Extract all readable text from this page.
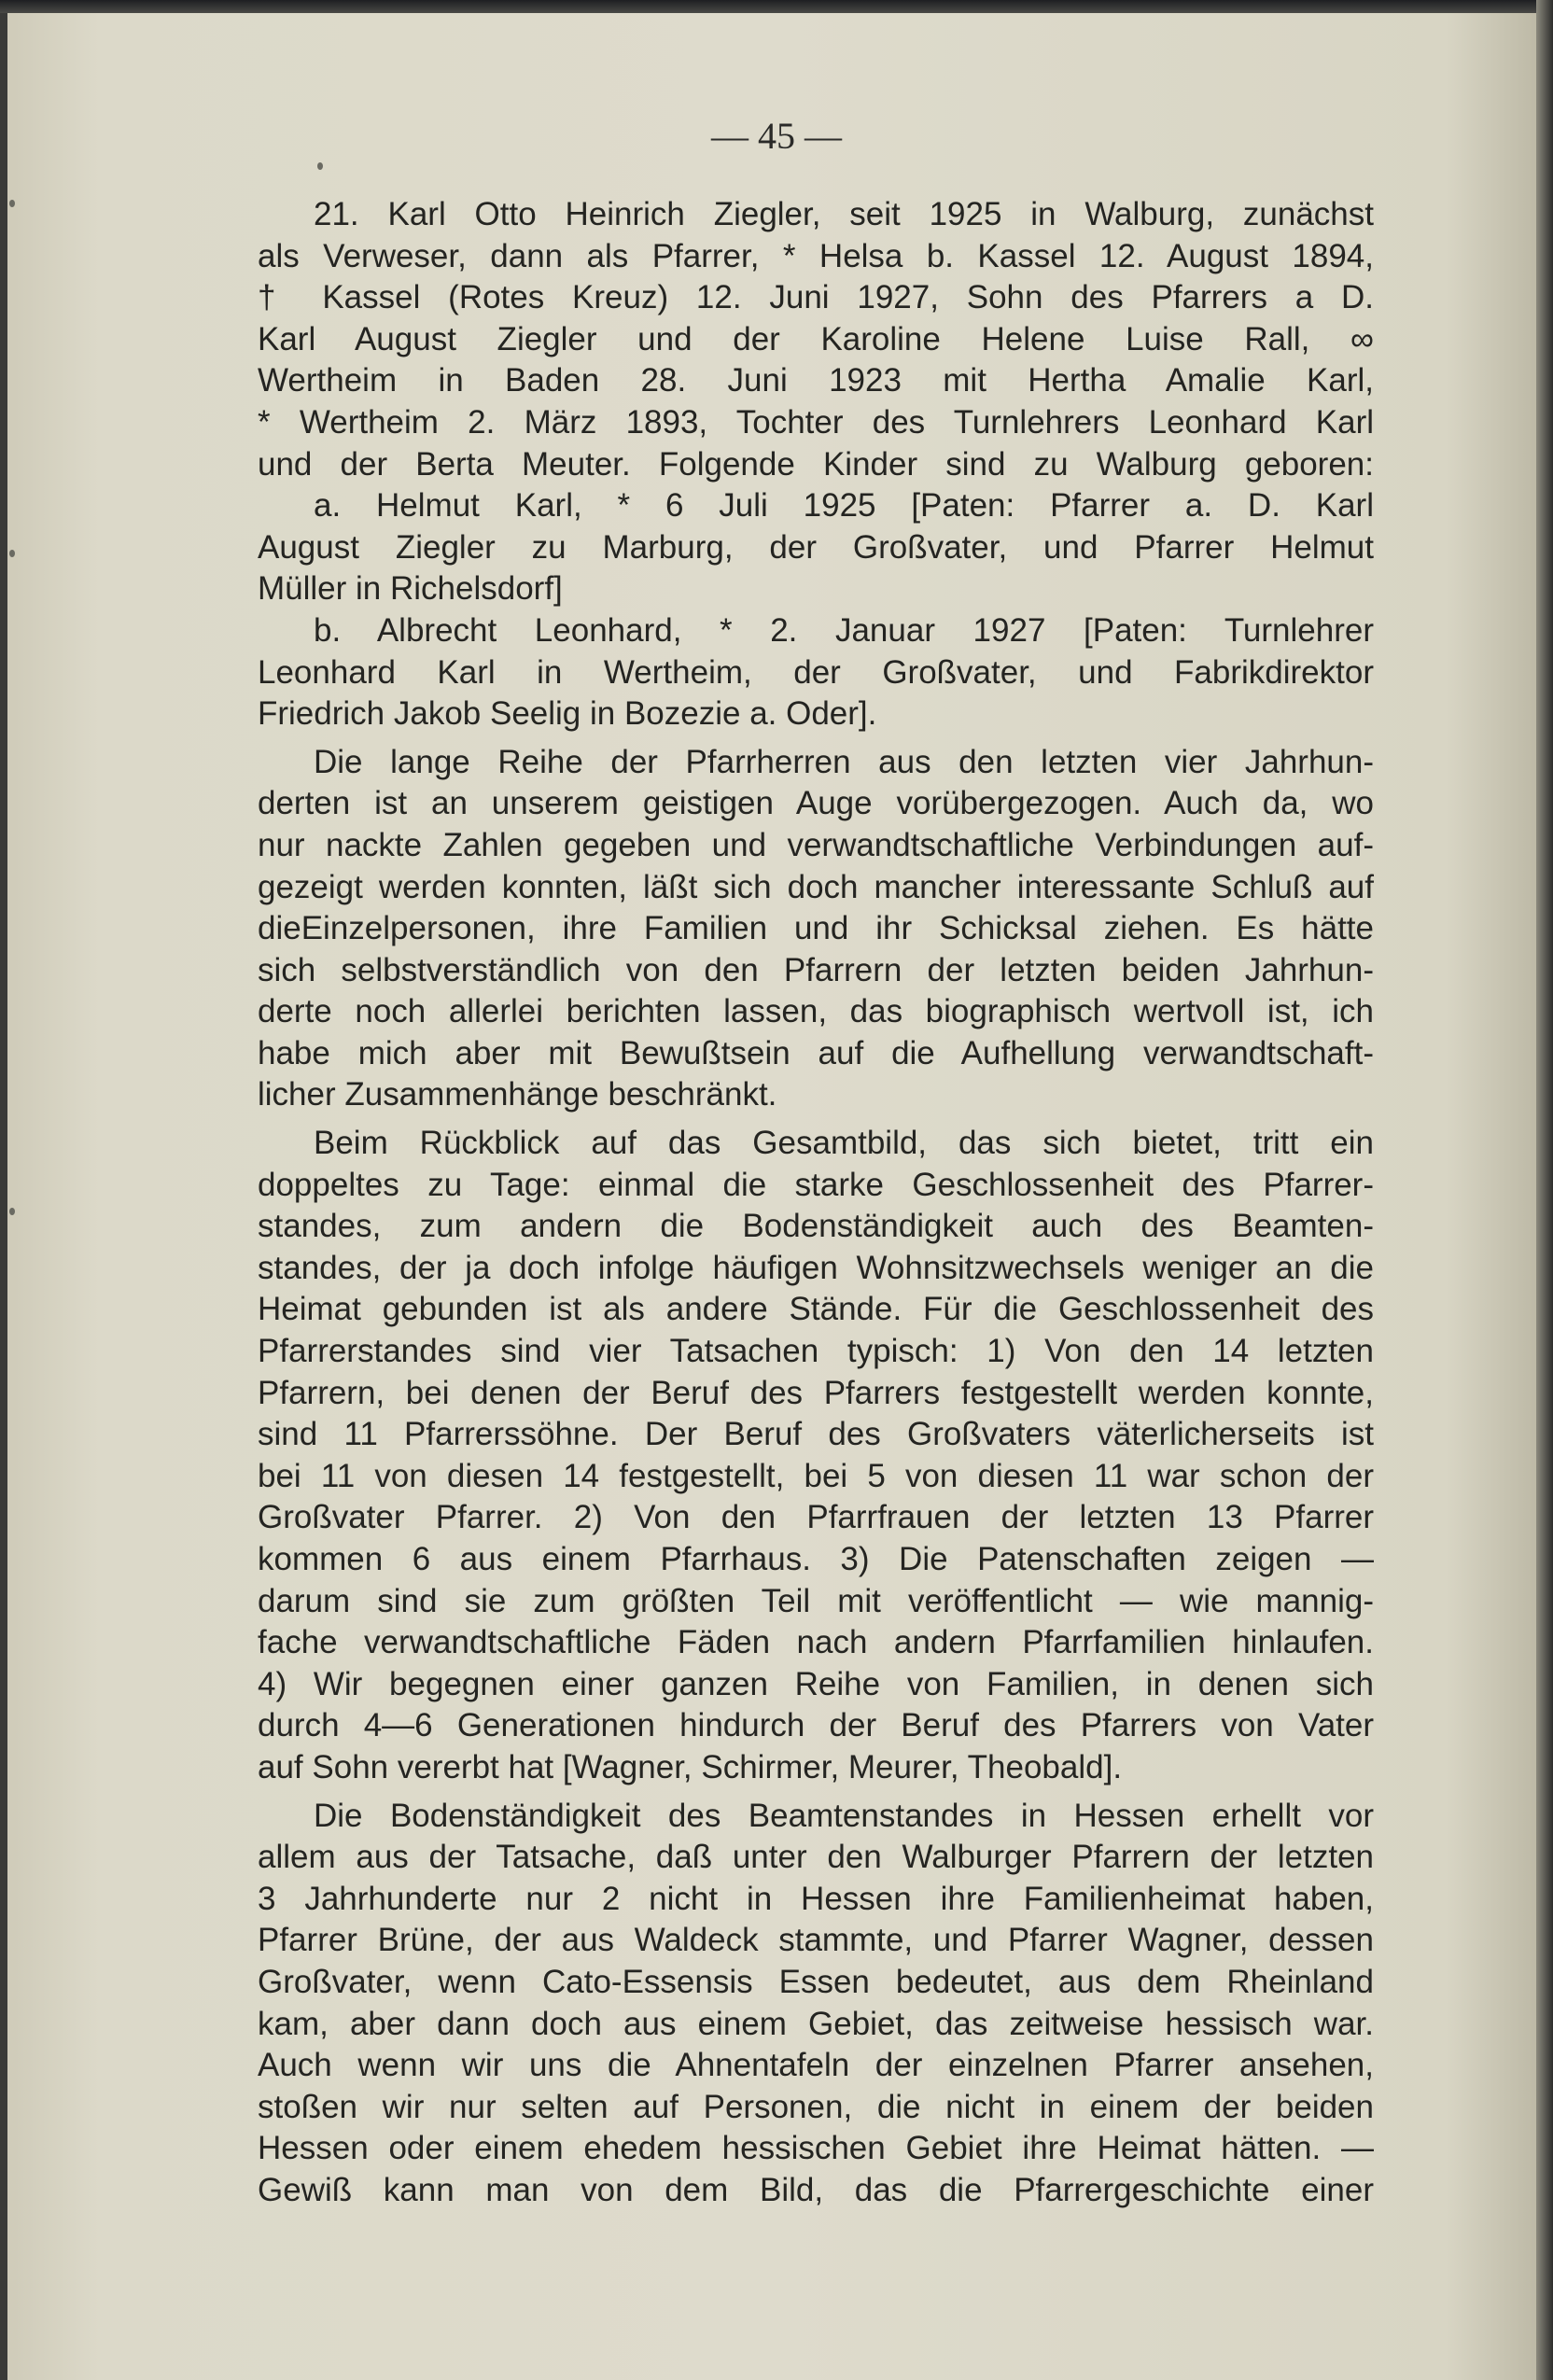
— 45 —
21. Karl Otto Heinrich Ziegler, seit 1925 in Walburg, zunächst
als Verweser, dann als Pfarrer, * Helsa b. Kassel 12. August 1894,
† Kassel (Rotes Kreuz) 12. Juni 1927, Sohn des Pfarrers a D.
Karl August Ziegler und der Karoline Helene Luise Rall, ∞
Wertheim in Baden 28. Juni 1923 mit Hertha Amalie Karl,
* Wertheim 2. März 1893, Tochter des Turnlehrers Leonhard Karl
und der Berta Meuter. Folgende Kinder sind zu Walburg geboren:
a. Helmut Karl, * 6 Juli 1925 [Paten: Pfarrer a. D. Karl
August Ziegler zu Marburg, der Großvater, und Pfarrer Helmut
Müller in Richelsdorf]
b. Albrecht Leonhard, * 2. Januar 1927 [Paten: Turnlehrer
Leonhard Karl in Wertheim, der Großvater, und Fabrikdirektor
Friedrich Jakob Seelig in Bozezie a. Oder].
Die lange Reihe der Pfarrherren aus den letzten vier Jahrhun-
derten ist an unserem geistigen Auge vorübergezogen. Auch da, wo
nur nackte Zahlen gegeben und verwandtschaftliche Verbindungen auf-
gezeigt werden konnten, läßt sich doch mancher interessante Schluß auf
dieEinzelpersonen, ihre Familien und ihr Schicksal ziehen. Es hätte
sich selbstverständlich von den Pfarrern der letzten beiden Jahrhun-
derte noch allerlei berichten lassen, das biographisch wertvoll ist, ich
habe mich aber mit Bewußtsein auf die Aufhellung verwandtschaft-
licher Zusammenhänge beschränkt.
Beim Rückblick auf das Gesamtbild, das sich bietet, tritt ein
doppeltes zu Tage: einmal die starke Geschlossenheit des Pfarrer-
standes, zum andern die Bodenständigkeit auch des Beamten-
standes, der ja doch infolge häufigen Wohnsitzwechsels weniger an die
Heimat gebunden ist als andere Stände. Für die Geschlossenheit des
Pfarrerstandes sind vier Tatsachen typisch: 1) Von den 14 letzten
Pfarrern, bei denen der Beruf des Pfarrers festgestellt werden konnte,
sind 11 Pfarrerssöhne. Der Beruf des Großvaters väterlicherseits ist
bei 11 von diesen 14 festgestellt, bei 5 von diesen 11 war schon der
Großvater Pfarrer. 2) Von den Pfarrfrauen der letzten 13 Pfarrer
kommen 6 aus einem Pfarrhaus. 3) Die Patenschaften zeigen —
darum sind sie zum größten Teil mit veröffentlicht — wie mannig-
fache verwandtschaftliche Fäden nach andern Pfarrfamilien hinlaufen.
4) Wir begegnen einer ganzen Reihe von Familien, in denen sich
durch 4—6 Generationen hindurch der Beruf des Pfarrers von Vater
auf Sohn vererbt hat [Wagner, Schirmer, Meurer, Theobald].
Die Bodenständigkeit des Beamtenstandes in Hessen erhellt vor
allem aus der Tatsache, daß unter den Walburger Pfarrern der letzten
3 Jahrhunderte nur 2 nicht in Hessen ihre Familienheimat haben,
Pfarrer Brüne, der aus Waldeck stammte, und Pfarrer Wagner, dessen
Großvater, wenn Cato-Essensis Essen bedeutet, aus dem Rheinland
kam, aber dann doch aus einem Gebiet, das zeitweise hessisch war.
Auch wenn wir uns die Ahnentafeln der einzelnen Pfarrer ansehen,
stoßen wir nur selten auf Personen, die nicht in einem der beiden
Hessen oder einem ehedem hessischen Gebiet ihre Heimat hätten. —
Gewiß kann man von dem Bild, das die Pfarrergeschichte einer
